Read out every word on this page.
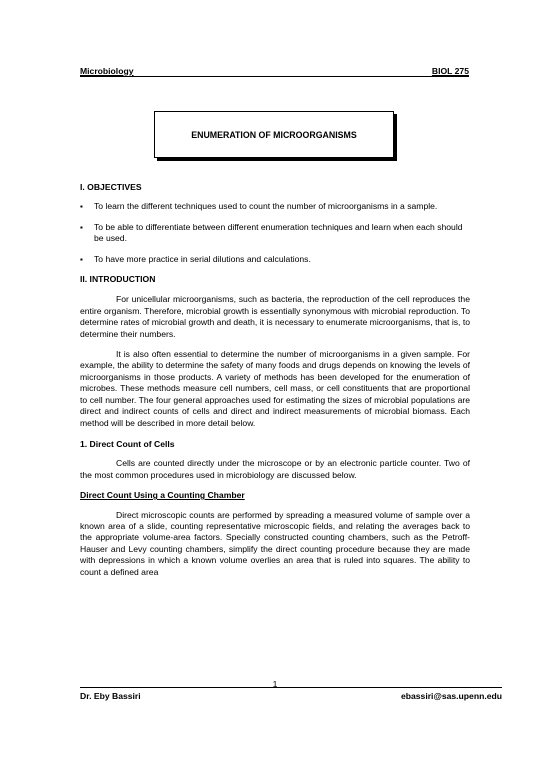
Microbiology	BIOL 275
ENUMERATION OF MICROORGANISMS

I. OBJECTIVES

▪	To learn the different techniques used to count the number of microorganisms in a sample.
▪	To be able to differentiate between different enumeration techniques and learn when each should be used.
▪	To have more practice in serial dilutions and calculations.

II. INTRODUCTION

For unicellular microorganisms, such as bacteria, the reproduction of the cell reproduces the entire organism. Therefore, microbial growth is essentially synonymous with microbial reproduction. To determine rates of microbial growth and death, it is necessary to enumerate microorganisms, that is, to determine their numbers.

It is also often essential to determine the number of microorganisms in a given sample. For example, the ability to determine the safety of many foods and drugs depends on knowing the levels of microorganisms in those products. A variety of methods has been developed for the enumeration of microbes. These methods measure cell numbers, cell mass, or cell constituents that are proportional to cell number. The four general approaches used for estimating the sizes of microbial populations are direct and indirect counts of cells and direct and indirect measurements of microbial biomass. Each method will be described in more detail below.

1. Direct Count of Cells

Cells are counted directly under the microscope or by an electronic particle counter. Two of the most common procedures used in microbiology are discussed below.

Direct Count Using a Counting Chamber

Direct microscopic counts are performed by spreading a measured volume of sample over a known area of a slide, counting representative microscopic fields, and relating the averages back to the appropriate volume-area factors. Specially constructed counting chambers, such as the Petroff-Hauser and Levy counting chambers, simplify the direct counting procedure because they are made with depressions in which a known volume overlies an area that is ruled into squares. The ability to count a defined area

1
Dr. Eby Bassiri	ebassiri@sas.upenn.edu
